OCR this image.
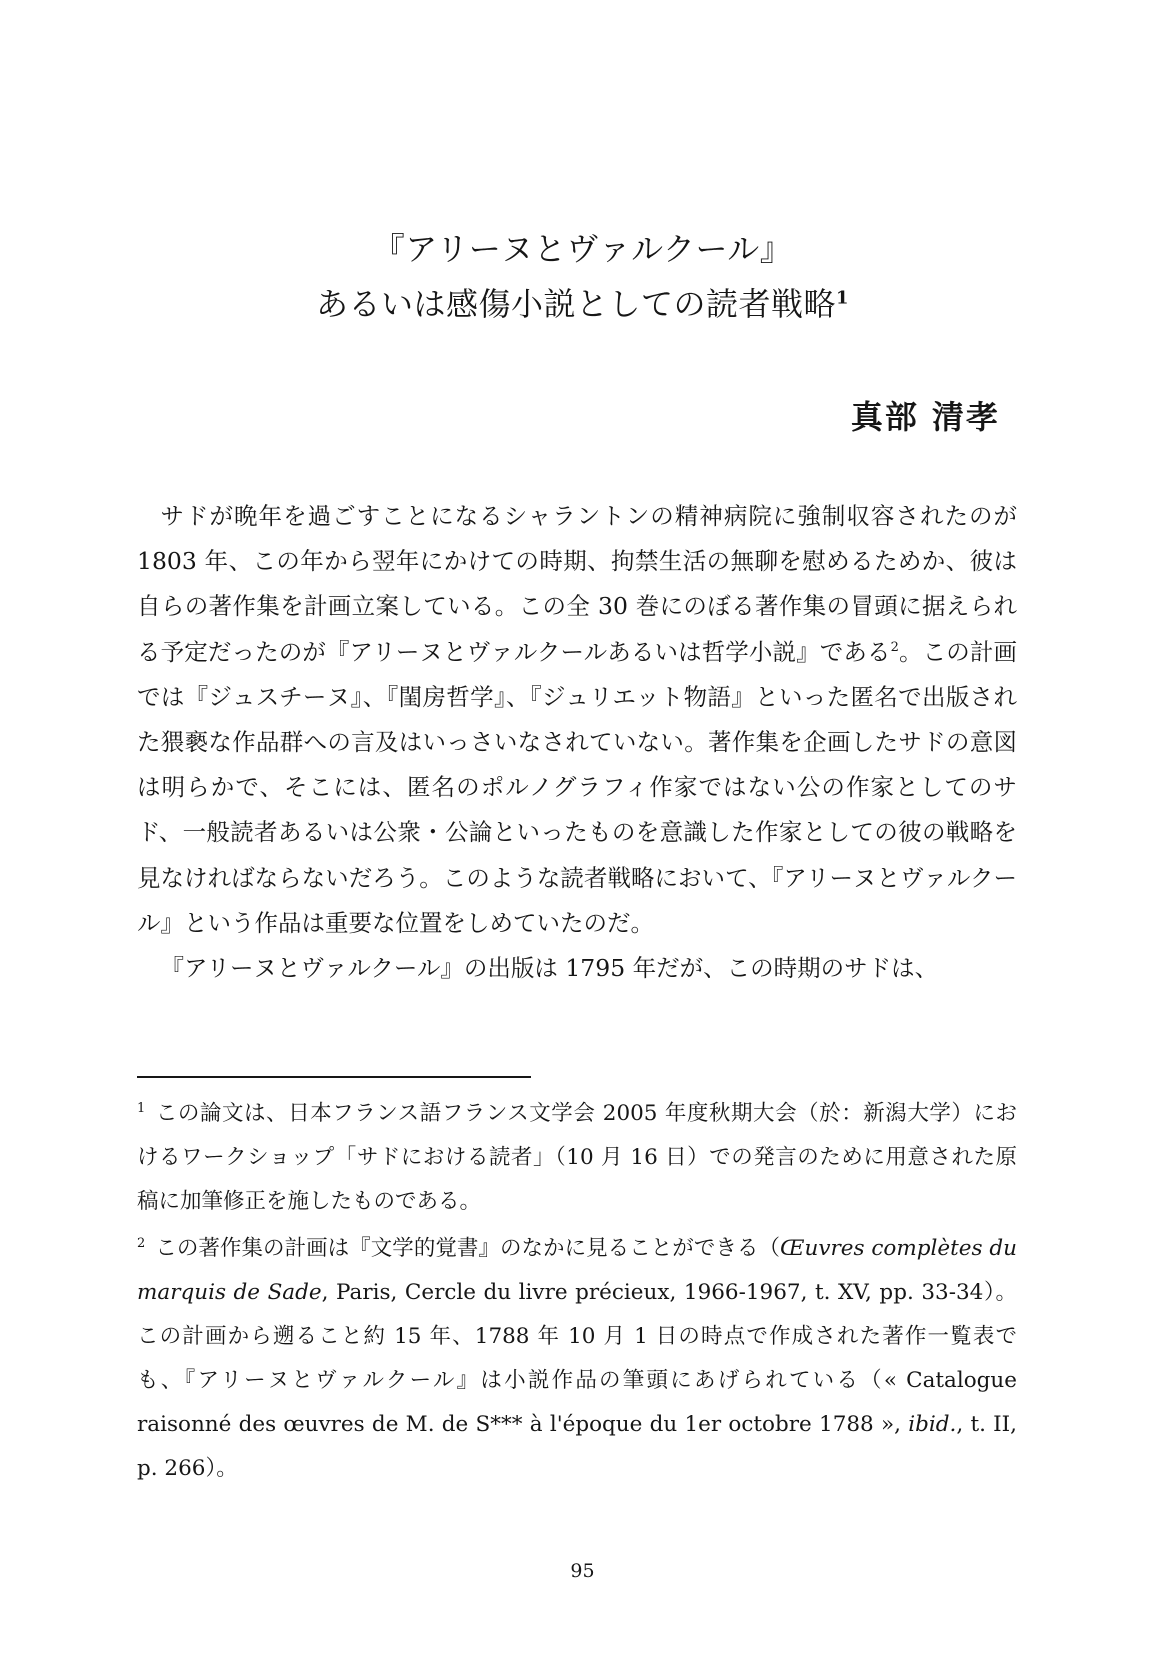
『アリーヌとヴァルクール』
あるいは感傷小説としての読者戦略$^1$

真部 清孝

サドが晩年を過ごすことになるシャラントンの精神病院に強制収容されたのが 1803 年、この年から翌年にかけての時期、拘禁生活の無聊を慰めるためか、彼は自らの著作集を計画立案している。この全 30 巻にのぼる著作集の冒頭に据えられる予定だったのが『アリーヌとヴァルクールあるいは哲学小説』である$^2$。この計画では『ジュスチーヌ』、『閨房哲学』、『ジュリエット物語』といった匿名で出版された猥褻な作品群への言及はいっさいなされていない。著作集を企画したサドの意図は明らかで、そこには、匿名のポルノグラフィ作家ではない公の作家としてのサド、一般読者あるいは公衆・公論といったものを意識した作家としての彼の戦略を見なければならないだろう。このような読者戦略において、『アリーヌとヴァルクール』という作品は重要な位置をしめていたのだ。

『アリーヌとヴァルクール』の出版は 1795 年だが、この時期のサドは、

$^1$ この論文は、日本フランス語フランス文学会 2005 年度秋期大会（於：新潟大学）におけるワークショップ「サドにおける読者」（10 月 16 日）での発言のために用意された原稿に加筆修正を施したものである。

$^2$ この著作集の計画は『文学的覚書』のなかに見ることができる（Œuvres complètes du marquis de Sade, Paris, Cercle du livre précieux, 1966-1967, t. XV, pp. 33-34）。この計画から遡ること約 15 年、1788 年 10 月 1 日の時点で作成された著作一覧表でも、『アリーヌとヴァルクール』は小説作品の筆頭にあげられている（« Catalogue raisonné des œuvres de M. de S*** à l'époque du 1er octobre 1788 », ibid., t. II, p. 266）。

95
